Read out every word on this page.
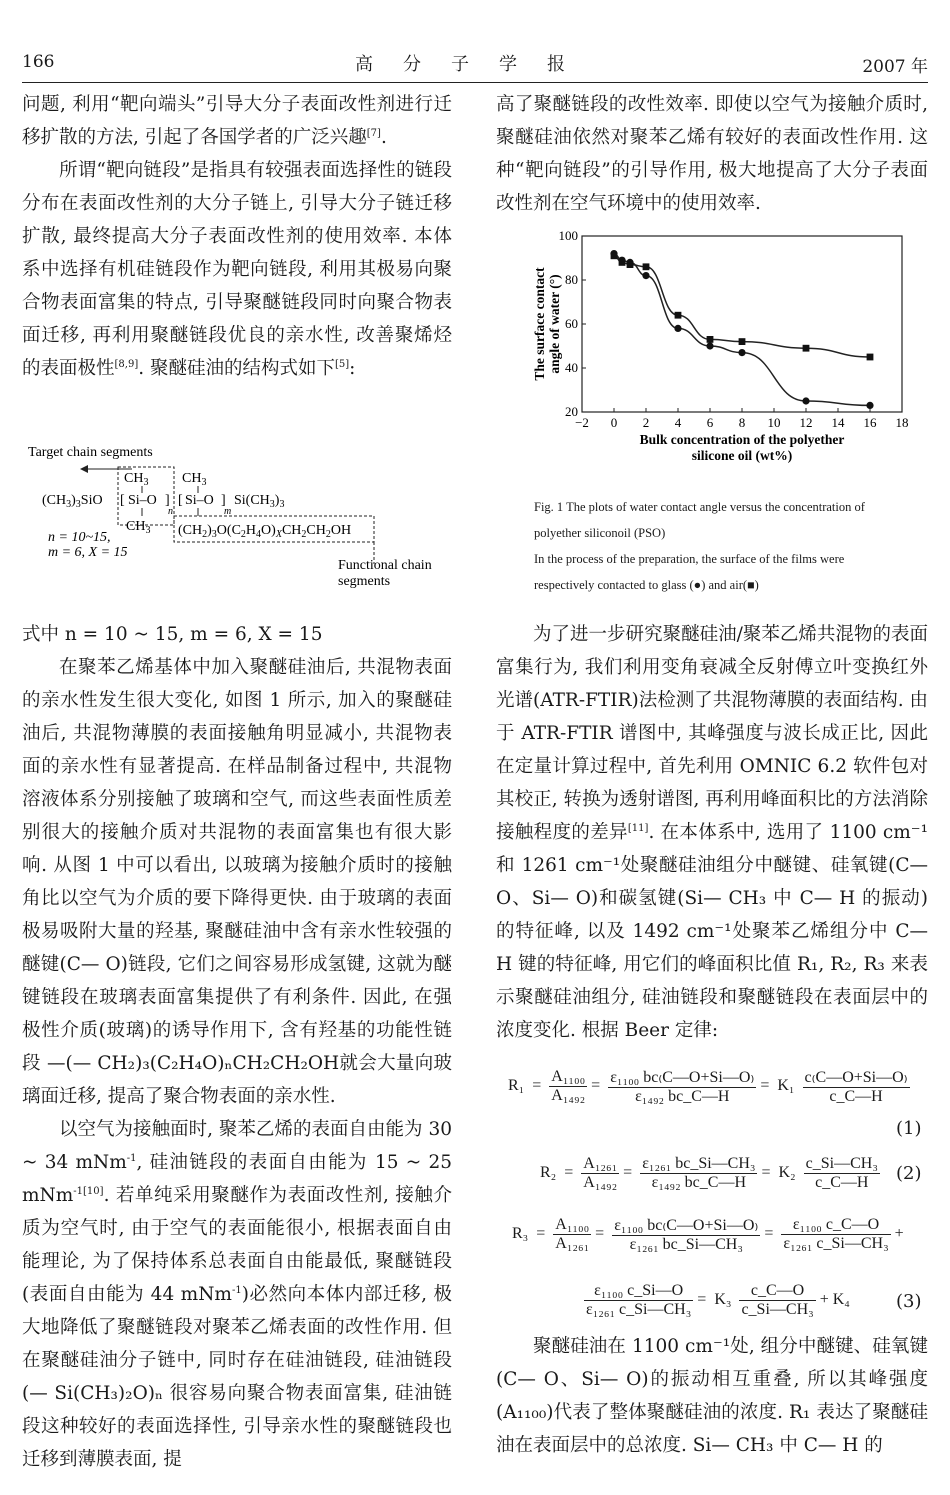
166	高分子学报	2007 年

问题, 利用“靶向端头”引导大分子表面改性剂进行迁移扩散的方法, 引起了各国学者的广泛兴趣[7].

所谓“靶向链段”是指具有较强表面选择性的链段分布在表面改性剂的大分子链上, 引导大分子链迁移扩散, 最终提高大分子表面改性剂的使用效率. 本体系中选择有机硅链段作为靶向链段, 利用其极易向聚合物表面富集的特点, 引导聚醚链段同时向聚合物表面迁移, 再利用聚醚链段优良的亲水性, 改善聚烯烃的表面极性[8,9]. 聚醚硅油的结构式如下[5]:

Target chain segments
$CH_3$ $CH_3$
$(CH_3)_3SiO$ [ Si–O ]
n
[ Si–O ]
m
$Si(CH_3)_3$
$CH_3$ $(CH_2)_3O(C_2H_4O)_XCH_2CH_2OH$
n = 10~15,
m = 6, X = 15
Functional chain
segments

式中 n = 10 ~ 15, m = 6, X = 15

在聚苯乙烯基体中加入聚醚硅油后, 共混物表面的亲水性发生很大变化, 如图 1 所示, 加入的聚醚硅油后, 共混物薄膜的表面接触角明显减小, 共混物表面的亲水性有显著提高. 在样品制备过程中, 共混物溶液体系分别接触了玻璃和空气, 而这些表面性质差别很大的接触介质对共混物的表面富集也有很大影响. 从图 1 中可以看出, 以玻璃为接触介质时的接触角比以空气为介质的要下降得更快. 由于玻璃的表面极易吸附大量的羟基, 聚醚硅油中含有亲水性较强的醚键(C— O)链段, 它们之间容易形成氢键, 这就为醚键链段在玻璃表面富集提供了有利条件. 因此, 在强极性介质(玻璃)的诱导作用下, 含有羟基的功能性链段 —(— CH₂)₃(C₂H₄O)ₙCH₂CH₂OH就会大量向玻璃面迁移, 提高了聚合物表面的亲水性.

以空气为接触面时, 聚苯乙烯的表面自由能为 30 ~ 34 mNm$^{-1}$, 硅油链段的表面自由能为 15 ~ 25 mNm$^{-1[10]}$. 若单纯采用聚醚作为表面改性剂, 接触介质为空气时, 由于空气的表面能很小, 根据表面自由能理论, 为了保持体系总表面自由能最低, 聚醚链段(表面自由能为 44 mNm$^{-1}$)必然向本体内部迁移, 极大地降低了聚醚链段对聚苯乙烯表面的改性作用. 但在聚醚硅油分子链中, 同时存在硅油链段, 硅油链段(— Si(CH₃)₂O)ₙ 很容易向聚合物表面富集, 硅油链段这种较好的表面选择性, 引导亲水性的聚醚链段也迁移到薄膜表面, 提

高了聚醚链段的改性效率. 即使以空气为接触介质时, 聚醚硅油依然对聚苯乙烯有较好的表面改性作用. 这种“靶向链段”的引导作用, 极大地提高了大分子表面改性剂在空气环境中的使用效率.

−2 0 2 4 6 8 10 12 14 16 18
20
40
60
80
100
Bulk concentration of the polyether
silicone oil (wt%)
The surface contact angle of water (°)
Fig. 1 The plots of water contact angle versus the concentration of polyether siliconoil (PSO)
In the process of the preparation, the surface of the films were respectively contacted to glass (●) and air(■)

为了进一步研究聚醚硅油/聚苯乙烯共混物的表面富集行为, 我们利用变角衰减全反射傅立叶变换红外光谱(ATR-FTIR)法检测了共混物薄膜的表面结构. 由于 ATR-FTIR 谱图中, 其峰强度与波长成正比, 因此在定量计算过程中, 首先利用 OMNIC 6.2 软件包对其校正, 转换为透射谱图, 再利用峰面积比的方法消除接触程度的差异[11]. 在本体系中, 选用了 1100 cm⁻¹和 1261 cm⁻¹处聚醚硅油组分中醚键、硅氧键(C— O、Si— O)和碳氢键(Si— CH₃ 中 C— H 的振动)的特征峰, 以及 1492 cm⁻¹处聚苯乙烯组分中 C— H 键的特征峰, 用它们的峰面积比值 R₁, R₂, R₃ 来表示聚醚硅油组分, 硅油链段和聚醚链段在表面层中的浓度变化. 根据 Beer 定律:

$R_1 = \frac{\text{A₁₁₀₀}}{\text{A₁₄₉₂}} = \frac{\text{ε₁₁₀₀ bc₍C—O+Si—O₎}}{\text{ε₁₄₉₂ bc\_C—H}} = K_1 \frac{c_(C—O+Si—O_)}{c\_C—H}$
(1)
$R_2 = \frac{\text{A₁₂₆₁}}{\text{A₁₄₉₂}} = \frac{\text{ε₁₂₆₁ bc\_Si—CH₃}}{\text{ε₁₄₉₂ bc\_C—H}} = K_2 \frac{\text{c\_Si—CH₃}}{c\_C—H} (2)$
$R_3 = \frac{\text{A₁₁₀₀}}{\text{A₁₂₆₁}} = \frac{\text{ε₁₁₀₀ bc₍C—O+Si—O₎}}{\text{ε₁₂₆₁ bc\_Si—CH₃}} = \frac{\text{ε₁₁₀₀ c\_C—O}}{\text{ε₁₂₆₁ c\_Si—CH₃}}$ +
$\frac{\text{ε₁₁₀₀ c\_Si—O}}{\text{ε₁₂₆₁ c\_Si—CH₃}} = K_3 \frac{c\_C—O}{\text{c\_Si—CH₃}} + K_4$	(3)

聚醚硅油在 1100 cm⁻¹处, 组分中醚键、硅氧键(C— O、Si— O)的振动相互重叠, 所以其峰强度(A₁₁₀₀)代表了整体聚醚硅油的浓度. R₁ 表达了聚醚硅油在表面层中的总浓度. Si— CH₃ 中 C— H 的
